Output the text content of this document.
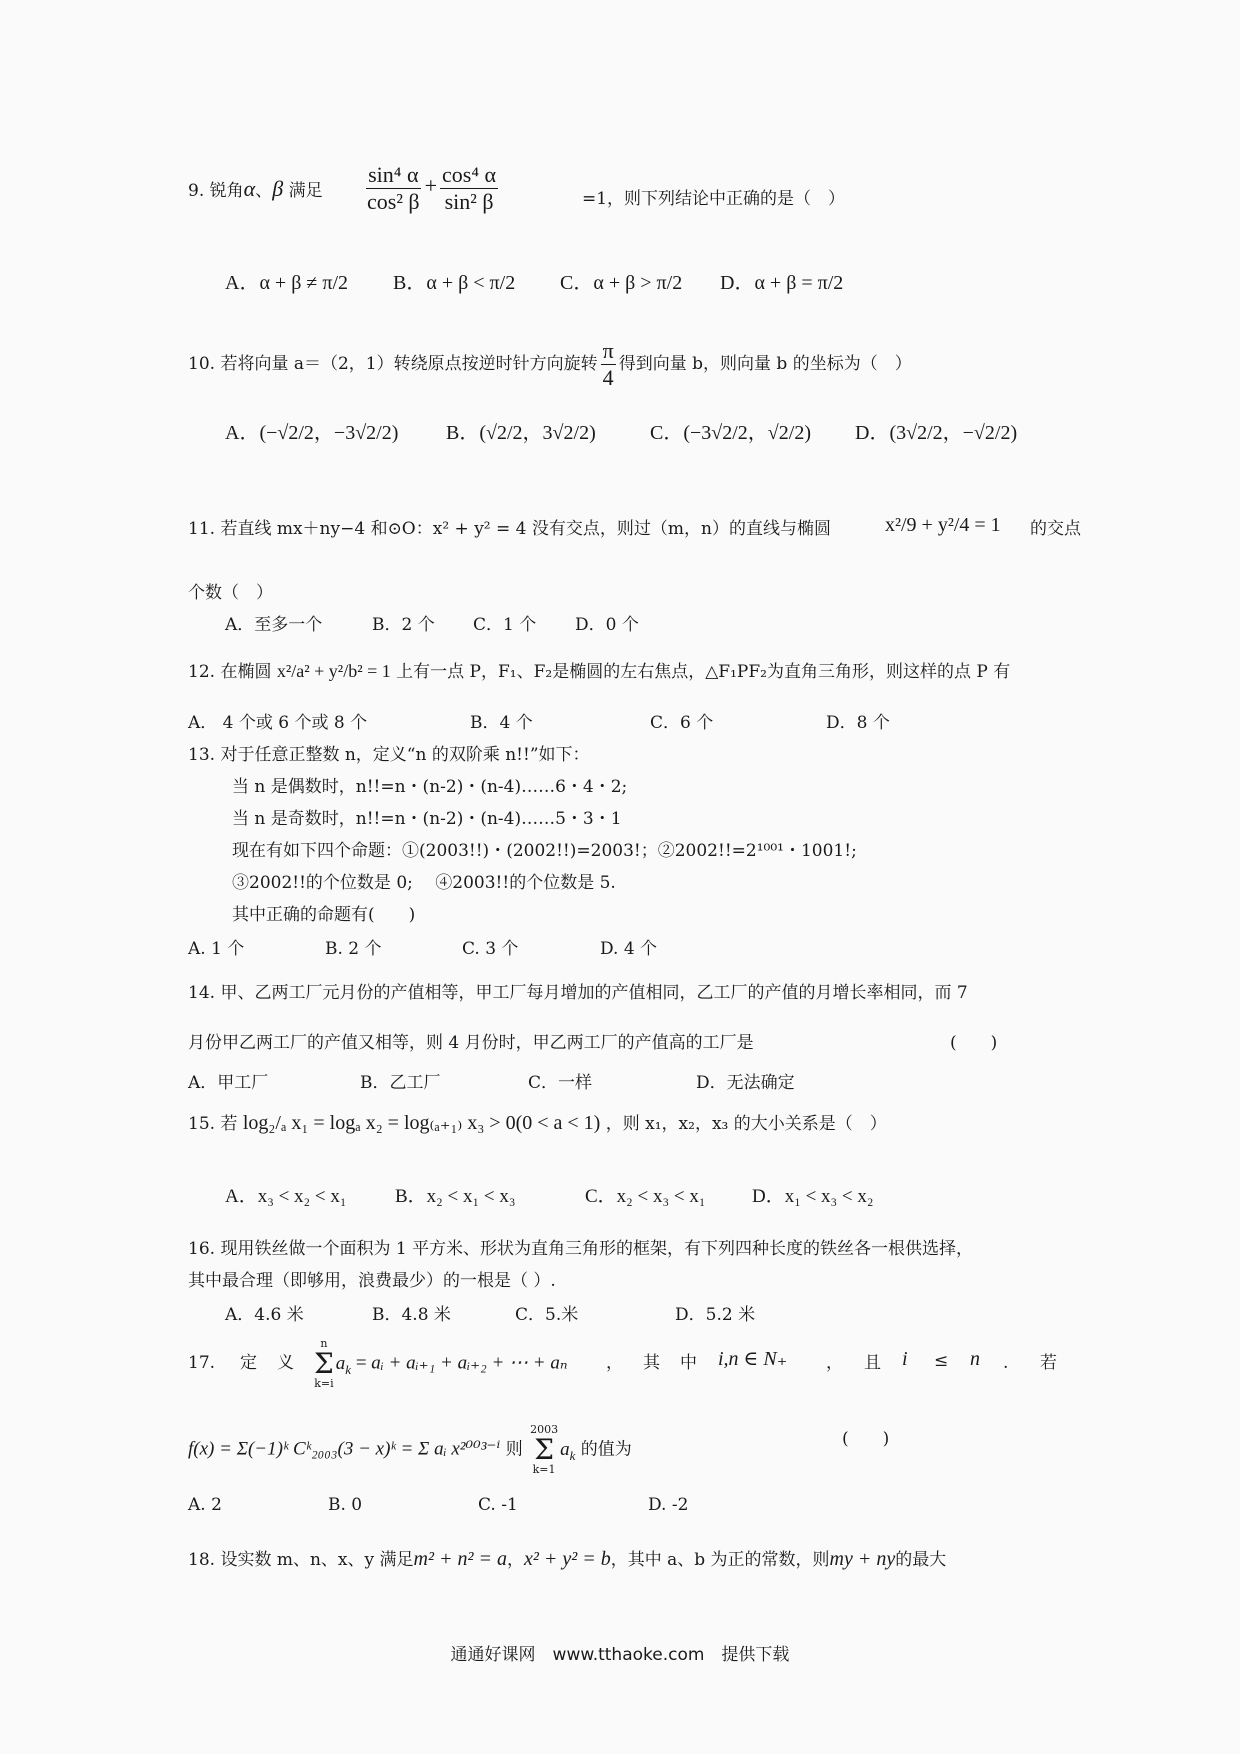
9. 锐角α、β 满足 $\frac{\text{sin⁴ α}}{\text{cos² β}} + \frac{\text{cos⁴ α}}{\text{sin² β}}$	=1，则下列结论中正确的是（　）
A．α + β ≠ π/2 B．α + β < π/2 C．α + β > π/2 D．α + β = π/2
10. 若将向量 a＝（2，1）转绕原点按逆时针方向旋转 $\frac{\pi}{4}$ 得到向量 b，则向量 b 的坐标为（　）
A．(−√2/2，−3√2/2) B．(√2/2，3√2/2)	C．(−3√2/2，√2/2) D．(3√2/2，−√2/2)
11. 若直线 mx＋ny−4 和⊙O：x² + y² = 4 没有交点，则过（m，n）的直线与椭圆	x²/9 + y²/4 = 1 的交点
个数（　）
A．至多一个	B．2 个 C．1 个 D．0 个
12. 在椭圆 x²/a² + y²/b² = 1 上有一点 P，F₁、F₂是椭圆的左右焦点，△F₁PF₂为直角三角形，则这样的点 P 有
A． 4 个或 6 个或 8 个	B．4 个	C．6 个	D．8 个
13. 对于任意正整数 n，定义“n 的双阶乘 n!!”如下：
当 n 是偶数时，n!!=n・(n-2)・(n-4)……6・4・2;
当 n 是奇数时，n!!=n・(n-2)・(n-4)……5・3・1
现在有如下四个命题：①(2003!!)・(2002!!)=2003!；②2002!!=2¹⁰⁰¹・1001!;
③2002!!的个位数是 0;　 ④2003!!的个位数是 5.
其中正确的命题有(　　)
A. 1 个	B. 2 个	C. 3 个	D. 4 个
14. 甲、乙两工厂元月份的产值相等，甲工厂每月增加的产值相同，乙工厂的产值的月增长率相同，而 7
月份甲乙两工厂的产值又相等，则 4 月份时，甲乙两工厂的产值高的工厂是	(　　)
A．甲工厂	B．乙工厂	C．一样	D．无法确定
15. 若 log₂/ₐ x₁ = logₐ x₂ = log₍ₐ₊₁₎ x₃ > 0(0 < a < 1) ，则 x₁，x₂，x₃ 的大小关系是（　）
A．x₃ < x₂ < x₁	B．x₂ < x₁ < x₃	C．x₂ < x₃ < x₁ D．x₁ < x₃ < x₂
16. 现用铁丝做一个面积为 1 平方米、形状为直角三角形的框架，有下列四种长度的铁丝各一根供选择，
其中最合理（即够用，浪费最少）的一根是（ ）.
A．4.6 米	B．4.8 米	C．5.米	D．5.2 米
17. 定 义
n
Σ
k=i
$a_k$ = aᵢ + aᵢ₊₁ + aᵢ₊₂ + ⋯ + aₙ ， 其 中 i,n ∈ N₊ ， 且 i ≤ n . 若
f(x) = Σ(−1)ᵏ Cᵏ₂₀₀₃(3 − x)ᵏ = Σ aᵢ x²⁰⁰³⁻ⁱ 则
2003
Σ
k=1
$a_k$ 的值为
(　　)
A. 2	B. 0	C. -1	D. -2
18. 设实数 m、n、x、y 满足m² + n² = a，x² + y² = b，其中 a、b 为正的常数，则my + ny的最大
通通好课网　www.tthaoke.com　提供下载
